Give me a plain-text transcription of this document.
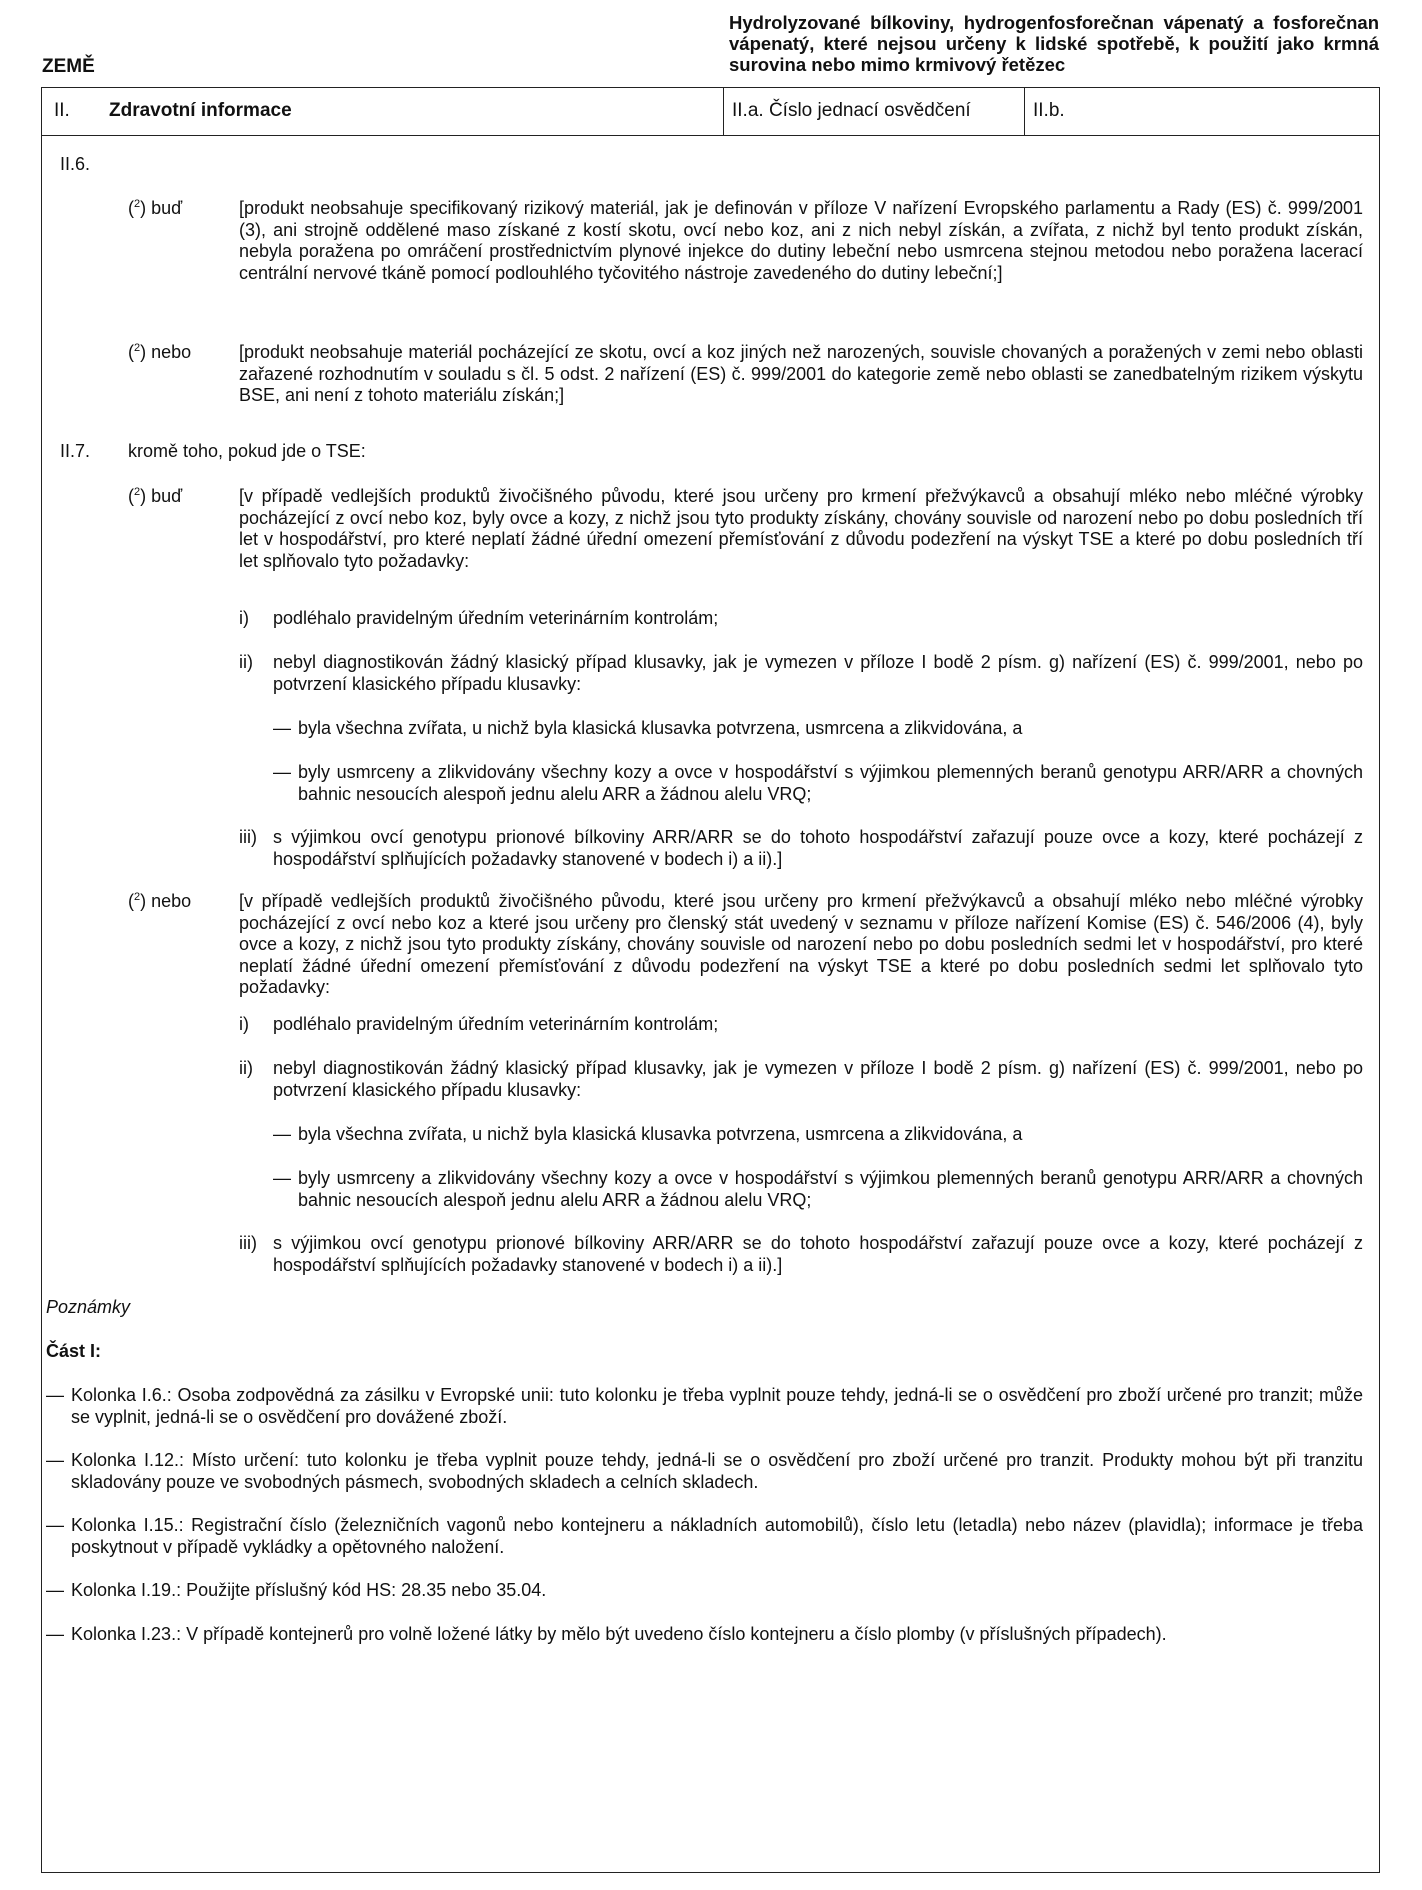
ZEMĚ
Hydrolyzované bílkoviny, hydrogenfosforečnan vápenatý a fosforečnan vápenatý, které nejsou určeny k lidské spotřebě, k použití jako krmná surovina nebo mimo krmivový řetězec
II. Zdravotní informace	II.a. Číslo jednací osvědčení	II.b.
II.6.
($^2$) buď	[produkt neobsahuje specifikovaný rizikový materiál, jak je definován v příloze V nařízení Evropského parlamentu a Rady (ES) č. 999/2001 (3), ani strojně oddělené maso získané z kostí skotu, ovcí nebo koz, ani z nich nebyl získán, a zvířata, z nichž byl tento produkt získán, nebyla poražena po omráčení prostřednictvím plynové injekce do dutiny lebeční nebo usmrcena stejnou metodou nebo poražena lacerací centrální nervové tkáně pomocí podlouhlého tyčovitého nástroje zavedeného do dutiny lebeční;]
($^2$) nebo	[produkt neobsahuje materiál pocházející ze skotu, ovcí a koz jiných než narozených, souvisle chovaných a poražených v zemi nebo oblasti zařazené rozhodnutím v souladu s čl. 5 odst. 2 nařízení (ES) č. 999/2001 do kategorie země nebo oblasti se zanedbatelným rizikem výskytu BSE, ani není z tohoto materiálu získán;]
II.7. kromě toho, pokud jde o TSE:
($^2$) buď	[v případě vedlejších produktů živočišného původu, které jsou určeny pro krmení přežvýkavců a obsahují mléko nebo mléčné výrobky pocházející z ovcí nebo koz, byly ovce a kozy, z nichž jsou tyto produkty získány, chovány souvisle od narození nebo po dobu posledních tří let v hospodářství, pro které neplatí žádné úřední omezení přemísťování z důvodu podezření na výskyt TSE a které po dobu posledních tří let splňovalo tyto požadavky:
i) podléhalo pravidelným úředním veterinárním kontrolám;
ii) nebyl diagnostikován žádný klasický případ klusavky, jak je vymezen v příloze I bodě 2 písm. g) nařízení (ES) č. 999/2001, nebo po potvrzení klasického případu klusavky:
— byla všechna zvířata, u nichž byla klasická klusavka potvrzena, usmrcena a zlikvidována, a
— byly usmrceny a zlikvidovány všechny kozy a ovce v hospodářství s výjimkou plemenných beranů genotypu ARR/ARR a chovných bahnic nesoucích alespoň jednu alelu ARR a žádnou alelu VRQ;
iii) s výjimkou ovcí genotypu prionové bílkoviny ARR/ARR se do tohoto hospodářství zařazují pouze ovce a kozy, které pocházejí z hospodářství splňujících požadavky stanovené v bodech i) a ii).]
($^2$) nebo	[v případě vedlejších produktů živočišného původu, které jsou určeny pro krmení přežvýkavců a obsahují mléko nebo mléčné výrobky pocházející z ovcí nebo koz a které jsou určeny pro členský stát uvedený v seznamu v příloze nařízení Komise (ES) č. 546/2006 (4), byly ovce a kozy, z nichž jsou tyto produkty získány, chovány souvisle od narození nebo po dobu posledních sedmi let v hospodářství, pro které neplatí žádné úřední omezení přemísťování z důvodu podezření na výskyt TSE a které po dobu posledních sedmi let splňovalo tyto požadavky:
i) podléhalo pravidelným úředním veterinárním kontrolám;
ii) nebyl diagnostikován žádný klasický případ klusavky, jak je vymezen v příloze I bodě 2 písm. g) nařízení (ES) č. 999/2001, nebo po potvrzení klasického případu klusavky:
— byla všechna zvířata, u nichž byla klasická klusavka potvrzena, usmrcena a zlikvidována, a
— byly usmrceny a zlikvidovány všechny kozy a ovce v hospodářství s výjimkou plemenných beranů genotypu ARR/ARR a chovných bahnic nesoucích alespoň jednu alelu ARR a žádnou alelu VRQ;
iii) s výjimkou ovcí genotypu prionové bílkoviny ARR/ARR se do tohoto hospodářství zařazují pouze ovce a kozy, které pocházejí z hospodářství splňujících požadavky stanovené v bodech i) a ii).]
Poznámky
Část I:
— Kolonka I.6.: Osoba zodpovědná za zásilku v Evropské unii: tuto kolonku je třeba vyplnit pouze tehdy, jedná-li se o osvědčení pro zboží určené pro tranzit; může se vyplnit, jedná-li se o osvědčení pro dovážené zboží.
— Kolonka I.12.: Místo určení: tuto kolonku je třeba vyplnit pouze tehdy, jedná-li se o osvědčení pro zboží určené pro tranzit. Produkty mohou být při tranzitu skladovány pouze ve svobodných pásmech, svobodných skladech a celních skladech.
— Kolonka I.15.: Registrační číslo (železničních vagonů nebo kontejneru a nákladních automobilů), číslo letu (letadla) nebo název (plavidla); informace je třeba poskytnout v případě vykládky a opětovného naložení.
— Kolonka I.19.: Použijte příslušný kód HS: 28.35 nebo 35.04.
— Kolonka I.23.: V případě kontejnerů pro volně ložené látky by mělo být uvedeno číslo kontejneru a číslo plomby (v příslušných případech).
